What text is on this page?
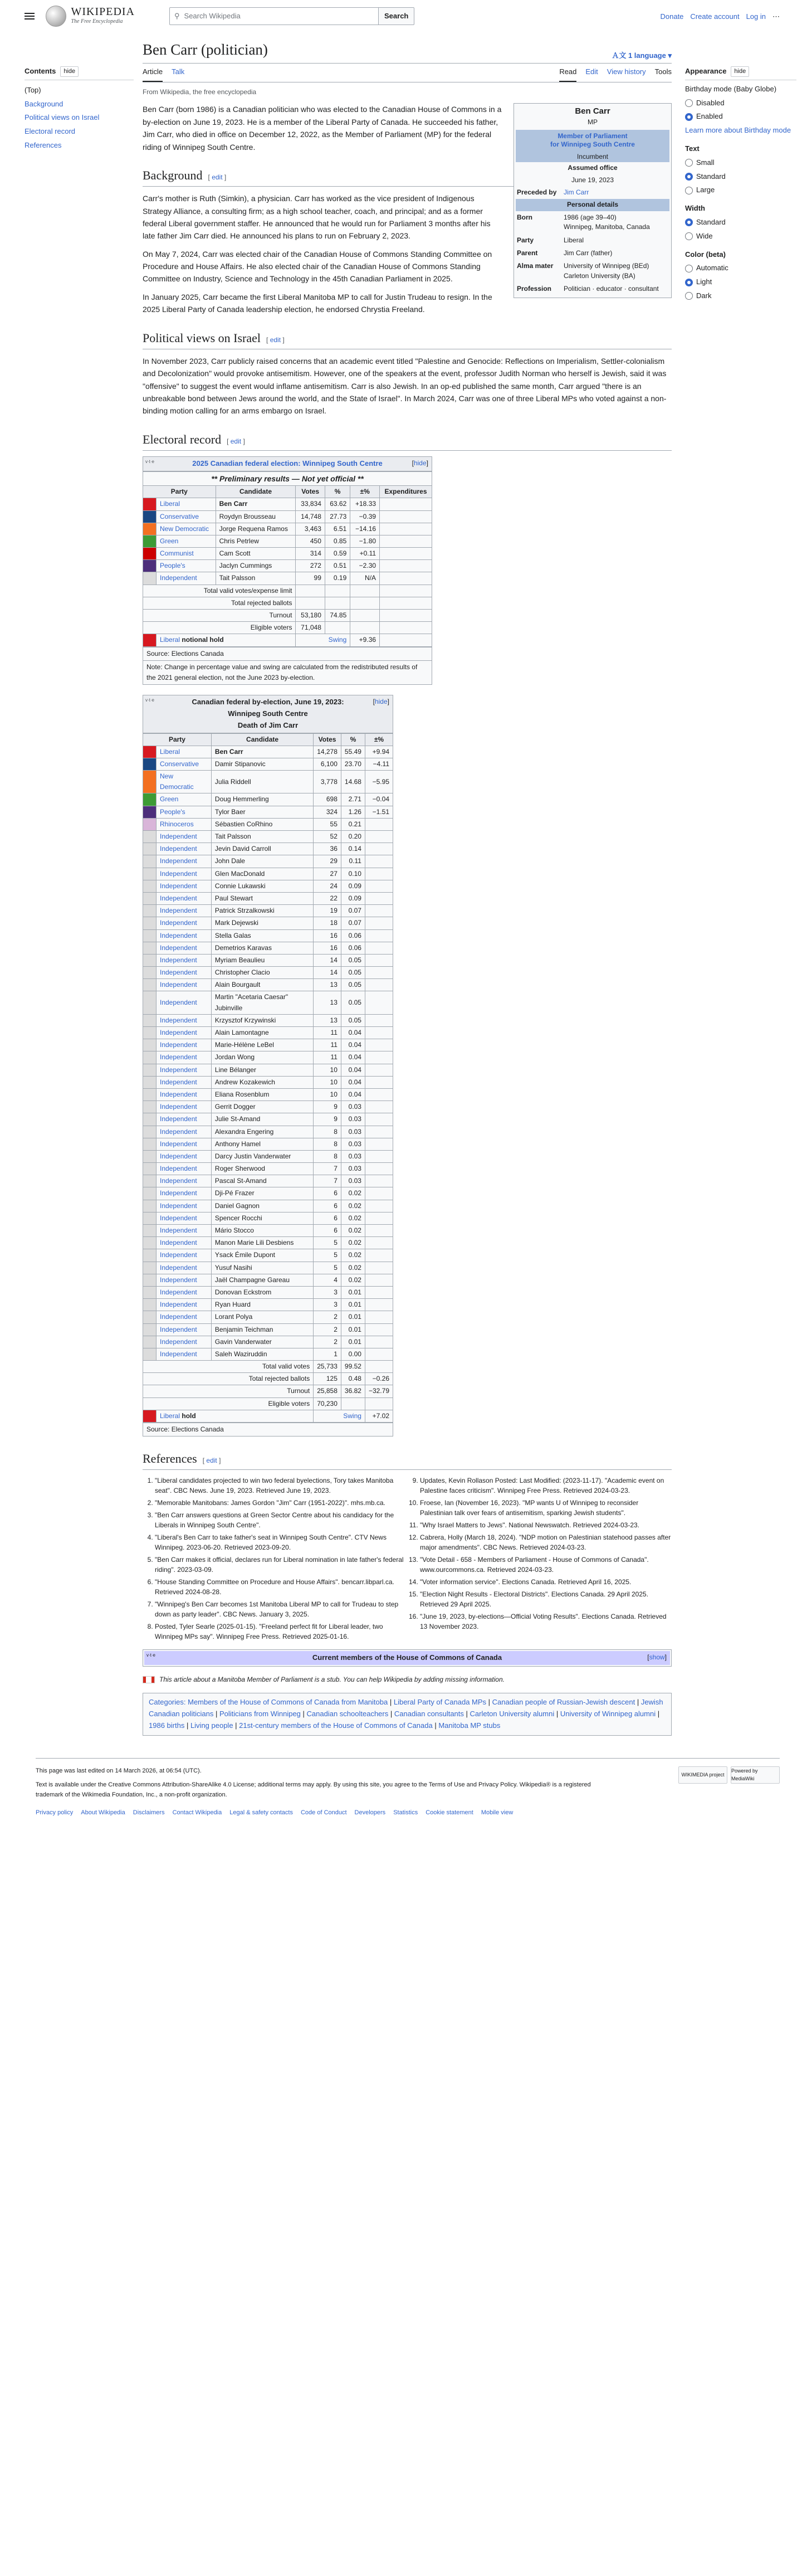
WIKIPEDIA
The Free Encyclopedia
⚲ Search Wikipedia	Search	Donate Create account Log in ⋯
Contents	hide
(Top)
Background
Political views on Israel
Electoral record
References
Ben Carr (politician)	Ａ文 1 language ▾
Article Talk	Read Edit View history Tools
From Wikipedia, the free encyclopedia
Ben Carr
MP
Member of Parliament
for Winnipeg South Centre
Incumbent
Assumed office
June 19, 2023
Preceded by	Jim Carr
Personal details
Born	1986 (age 39–40)
Winnipeg, Manitoba, Canada
Party	Liberal
Parent	Jim Carr (father)
Alma mater	University of Winnipeg (BEd)
Carleton University (BA)
Profession	Politician · educator · consultant

Ben Carr (born 1986) is a Canadian politician who was elected to the Canadian House of Commons in a by-election on June 19, 2023. He is a member of the Liberal Party of Canada. He succeeded his father, Jim Carr, who died in office on December 12, 2022, as the Member of Parliament (MP) for the federal riding of Winnipeg South Centre.

Background [ edit ]

Carr's mother is Ruth (Simkin), a physician. Carr has worked as the vice president of Indigenous Strategy Alliance, a consulting firm; as a high school teacher, coach, and principal; and as a former federal Liberal government staffer. He announced that he would run for Parliament 3 months after his late father Jim Carr died. He announced his plans to run on February 2, 2023.

On May 7, 2024, Carr was elected chair of the Canadian House of Commons Standing Committee on Procedure and House Affairs. He also elected chair of the Canadian House of Commons Standing Committee on Industry, Science and Technology in the 45th Canadian Parliament in 2025.

In January 2025, Carr became the first Liberal Manitoba MP to call for Justin Trudeau to resign. In the 2025 Liberal Party of Canada leadership election, he endorsed Chrystia Freeland.

Political views on Israel [ edit ]

In November 2023, Carr publicly raised concerns that an academic event titled "Palestine and Genocide: Reflections on Imperialism, Settler-colonialism and Decolonization" would provoke antisemitism. However, one of the speakers at the event, professor Judith Norman who herself is Jewish, said it was "offensive" to suggest the event would inflame antisemitism. Carr is also Jewish. In an op-ed published the same month, Carr argued "there is an unbreakable bond between Jews around the world, and the State of Israel". In March 2024, Carr was one of three Liberal MPs who voted against a non-binding motion calling for an arms embargo on Israel.

Electoral record [ edit ]
v·t·e	2025 Canadian federal election: Winnipeg South Centre	[hide]
** Preliminary results — Not yet official **						
Party		Candidate	Votes	%	±%	Expenditures
	Liberal	Ben Carr	33,834	63.62	+18.33	
	Conservative	Roydyn Brousseau	14,748	27.73	−0.39	
	New Democratic	Jorge Requena Ramos	3,463	6.51	−14.16	
	Green	Chris Petrlew	450	0.85	−1.80	
	Communist	Cam Scott	314	0.59	+0.11	
	People's	Jaclyn Cummings	272	0.51	−2.30	
	Independent	Tait Palsson	99	0.19	N/A	
Total valid votes/expense limit						
Total rejected ballots						
Turnout			53,180	74.85		
Eligible voters			71,048			
	Liberal notional hold		Swing		+9.36	
Source: Elections Canada
Note: Change in percentage value and swing are calculated from the redistributed results of the 2021 general election, not the June 2023 by-election.
v·t·e	Canadian federal by-election, June 19, 2023: Winnipeg South Centre
[hide]
Death of Jim Carr
Party		Candidate	Votes	%	±%
	Liberal	Ben Carr	14,278	55.49	+9.94
	Conservative	Damir Stipanovic	6,100	23.70	−4.11
	New Democratic	Julia Riddell	3,778	14.68	−5.95
	Green	Doug Hemmerling	698	2.71	−0.04
	People's	Tylor Baer	324	1.26	−1.51
	Rhinoceros	Sébastien CoRhino	55	0.21	
	Independent	Tait Palsson	52	0.20	
	Independent	Jevin David Carroll	36	0.14	
	Independent	John Dale	29	0.11	
	Independent	Glen MacDonald	27	0.10	
	Independent	Connie Lukawski	24	0.09	
	Independent	Paul Stewart	22	0.09	
	Independent	Patrick Strzalkowski	19	0.07	
	Independent	Mark Dejewski	18	0.07	
	Independent	Stella Galas	16	0.06	
	Independent	Demetrios Karavas	16	0.06	
	Independent	Myriam Beaulieu	14	0.05	
	Independent	Christopher Clacio	14	0.05	
	Independent	Alain Bourgault	13	0.05	
	Independent	Martin "Acetaria Caesar" Jubinville	13	0.05	
	Independent	Krzysztof Krzywinski	13	0.05	
	Independent	Alain Lamontagne	11	0.04	
	Independent	Marie-Hélène LeBel	11	0.04	
	Independent	Jordan Wong	11	0.04	
	Independent	Line Bélanger	10	0.04	
	Independent	Andrew Kozakewich	10	0.04	
	Independent	Eliana Rosenblum	10	0.04	
	Independent	Gerrit Dogger	9	0.03	
	Independent	Julie St-Amand	9	0.03	
	Independent	Alexandra Engering	8	0.03	
	Independent	Anthony Hamel	8	0.03	
	Independent	Darcy Justin Vanderwater	8	0.03	
	Independent	Roger Sherwood	7	0.03	
	Independent	Pascal St-Amand	7	0.03	
	Independent	Dji-Pé Frazer	6	0.02	
	Independent	Daniel Gagnon	6	0.02	
	Independent	Spencer Rocchi	6	0.02	
	Independent	Mário Stocco	6	0.02	
	Independent	Manon Marie Lili Desbiens	5	0.02	
	Independent	Ysack Émile Dupont	5	0.02	
	Independent	Yusuf Nasihi	5	0.02	
	Independent	Jaël Champagne Gareau	4	0.02	
	Independent	Donovan Eckstrom	3	0.01	
	Independent	Ryan Huard	3	0.01	
	Independent	Lorant Polya	2	0.01	
	Independent	Benjamin Teichman	2	0.01	
	Independent	Gavin Vanderwater	2	0.01	
	Independent	Saleh Waziruddin	1	0.00	
Total valid votes			25,733	99.52	
Total rejected ballots			125	0.48	−0.26
Turnout			25,858	36.82	−32.79
Eligible voters			70,230		
	Liberal hold		Swing		+7.02
Source: Elections Canada
References [ edit ]
1. "Liberal candidates projected to win two federal byelections, Tory takes Manitoba seat". CBC News. June 19, 2023. Retrieved June 19, 2023.
2. "Memorable Manitobans: James Gordon "Jim" Carr (1951-2022)". mhs.mb.ca.
3. "Ben Carr answers questions at Green Sector Centre about his candidacy for the Liberals in Winnipeg South Centre".
4. "Liberal's Ben Carr to take father's seat in Winnipeg South Centre". CTV News Winnipeg. 2023-06-20. Retrieved 2023-09-20.
5. "Ben Carr makes it official, declares run for Liberal nomination in late father's federal riding". 2023-03-09.
6. "House Standing Committee on Procedure and House Affairs". bencarr.libparl.ca. Retrieved 2024-08-28.
7. "Winnipeg's Ben Carr becomes 1st Manitoba Liberal MP to call for Trudeau to step down as party leader". CBC News. January 3, 2025.
8. Posted, Tyler Searle (2025-01-15). "Freeland perfect fit for Liberal leader, two Winnipeg MPs say". Winnipeg Free Press. Retrieved 2025-01-16.
9. Updates, Kevin Rollason Posted: Last Modified: (2023-11-17). "Academic event on Palestine faces criticism". Winnipeg Free Press. Retrieved 2024-03-23.
10. Froese, Ian (November 16, 2023). "MP wants U of Winnipeg to reconsider Palestinian talk over fears of antisemitism, sparking Jewish students".
11. "Why Israel Matters to Jews". National Newswatch. Retrieved 2024-03-23.
12. Cabrera, Holly (March 18, 2024). "NDP motion on Palestinian statehood passes after major amendments". CBC News. Retrieved 2024-03-23.
13. "Vote Detail - 658 - Members of Parliament - House of Commons of Canada". www.ourcommons.ca. Retrieved 2024-03-23.
14. "Voter information service". Elections Canada. Retrieved April 16, 2025.
15. "Election Night Results - Electoral Districts". Elections Canada. 29 April 2025. Retrieved 29 April 2025.
16. "June 19, 2023, by-elections—Official Voting Results". Elections Canada. Retrieved 13 November 2023.
v·t·e	Current members of the House of Commons of Canada	[show]
This article about a Manitoba Member of Parliament is a stub. You can help Wikipedia by adding missing information.
Categories: Members of the House of Commons of Canada from Manitoba | Liberal Party of Canada MPs | Canadian people of Russian-Jewish descent | Jewish Canadian politicians | Politicians from Winnipeg | Canadian schoolteachers | Canadian consultants | Carleton University alumni | University of Winnipeg alumni | 1986 births | Living people | 21st-century members of the House of Commons of Canada | Manitoba MP stubs
Appearance	hide
Birthday mode (Baby Globe)
Disabled
Enabled
Learn more about Birthday mode
Text
Small
Standard
Large
Width
Standard
Wide
Color (beta)
Automatic
Light
Dark
WIKIMEDIA project
Powered by MediaWiki
This page was last edited on 14 March 2026, at 06:54 (UTC).
Text is available under the Creative Commons Attribution-ShareAlike 4.0 License; additional terms may apply. By using this site, you agree to the Terms of Use and Privacy Policy. Wikipedia® is a registered trademark of the Wikimedia Foundation, Inc., a non-profit organization.
Privacy policy About Wikipedia Disclaimers Contact Wikipedia Legal & safety contacts Code of Conduct Developers Statistics Cookie statement Mobile view
